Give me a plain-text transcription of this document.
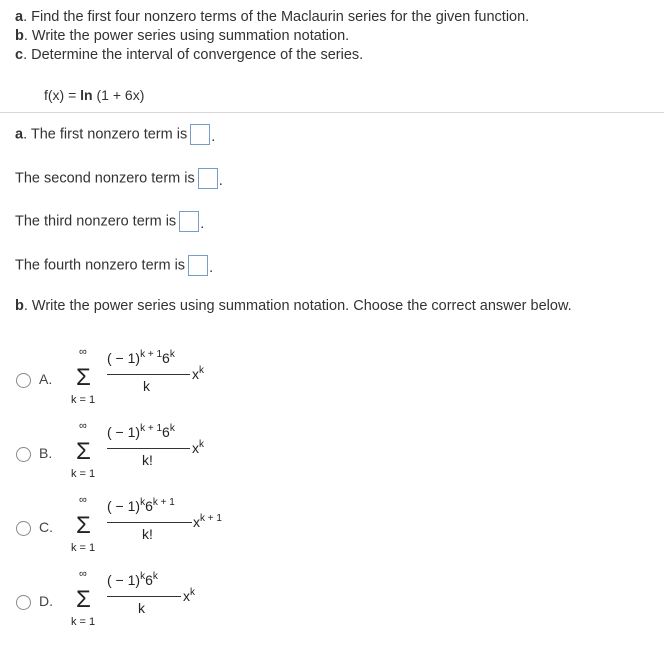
a. Find the first four nonzero terms of the Maclaurin series for the given function.
b. Write the power series using summation notation.
c. Determine the interval of convergence of the series.
f(x) = ln (1 + 6x)
a. The first nonzero term is .
The second nonzero term is .
The third nonzero term is .
The fourth nonzero term is .
b. Write the power series using summation notation. Choose the correct answer below.
A.
∞
Σ
k = 1
( − $1)^{k + 1}6^k$
k
$x^k$
B.
∞
Σ
k = 1
( − $1)^{k + 1}6^k$
k!
$x^k$
C.
∞
Σ
k = 1
( − $1)^k6^{k + 1}$
k!
$x^{k + 1}$
D.
∞
Σ
k = 1
( − $1)^k6^k$
k
$x^k$
